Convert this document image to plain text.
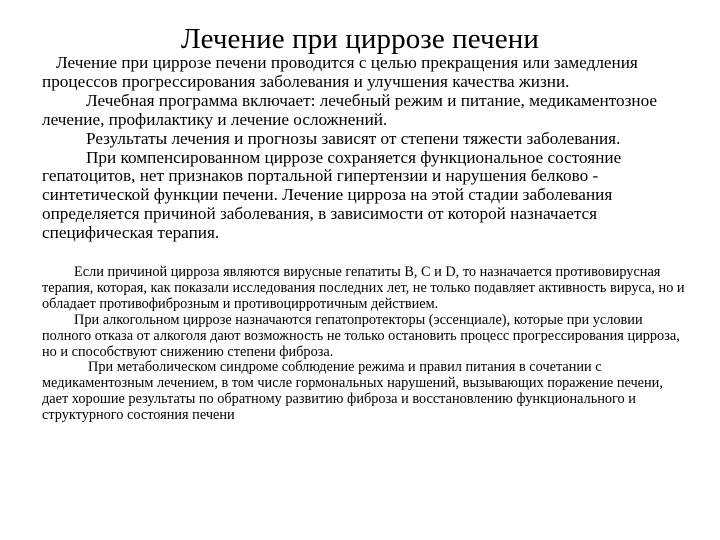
Лечение при циррозе печени

Лечение при циррозе печени проводится с целью прекращения или замедления процессов прогрессирования заболевания и улучшения качества жизни.

Лечебная программа включает: лечебный режим и питание, медикаментозное лечение, профилактику и лечение осложнений.

Результаты лечения и прогнозы зависят от степени тяжести заболевания.

При компенсированном циррозе сохраняется функциональное состояние гепатоцитов, нет признаков портальной гипертензии и нарушения белково - синтетической функции печени. Лечение цирроза на этой стадии заболевания определяется причиной заболевания, в зависимости от которой назначается специфическая терапия.

Если причиной цирроза являются вирусные гепатиты В, С и D, то назначается противовирусная терапия, которая, как показали исследования последних лет, не только подавляет активность вируса, но и обладает противофиброзным и противоцирротичным действием.

При алкогольном циррозе назначаются гепатопротекторы (эссенциале), которые при условии полного отказа от алкоголя дают возможность не только остановить процесс прогрессирования цирроза, но и способствуют снижению степени фиброза.

При метаболическом синдроме соблюдение режима и правил питания в сочетании с медикаментозным лечением, в том числе гормональных нарушений, вызывающих поражение печени, дает хорошие результаты по обратному развитию фиброза и восстановлению функционального и структурного состояния печени
